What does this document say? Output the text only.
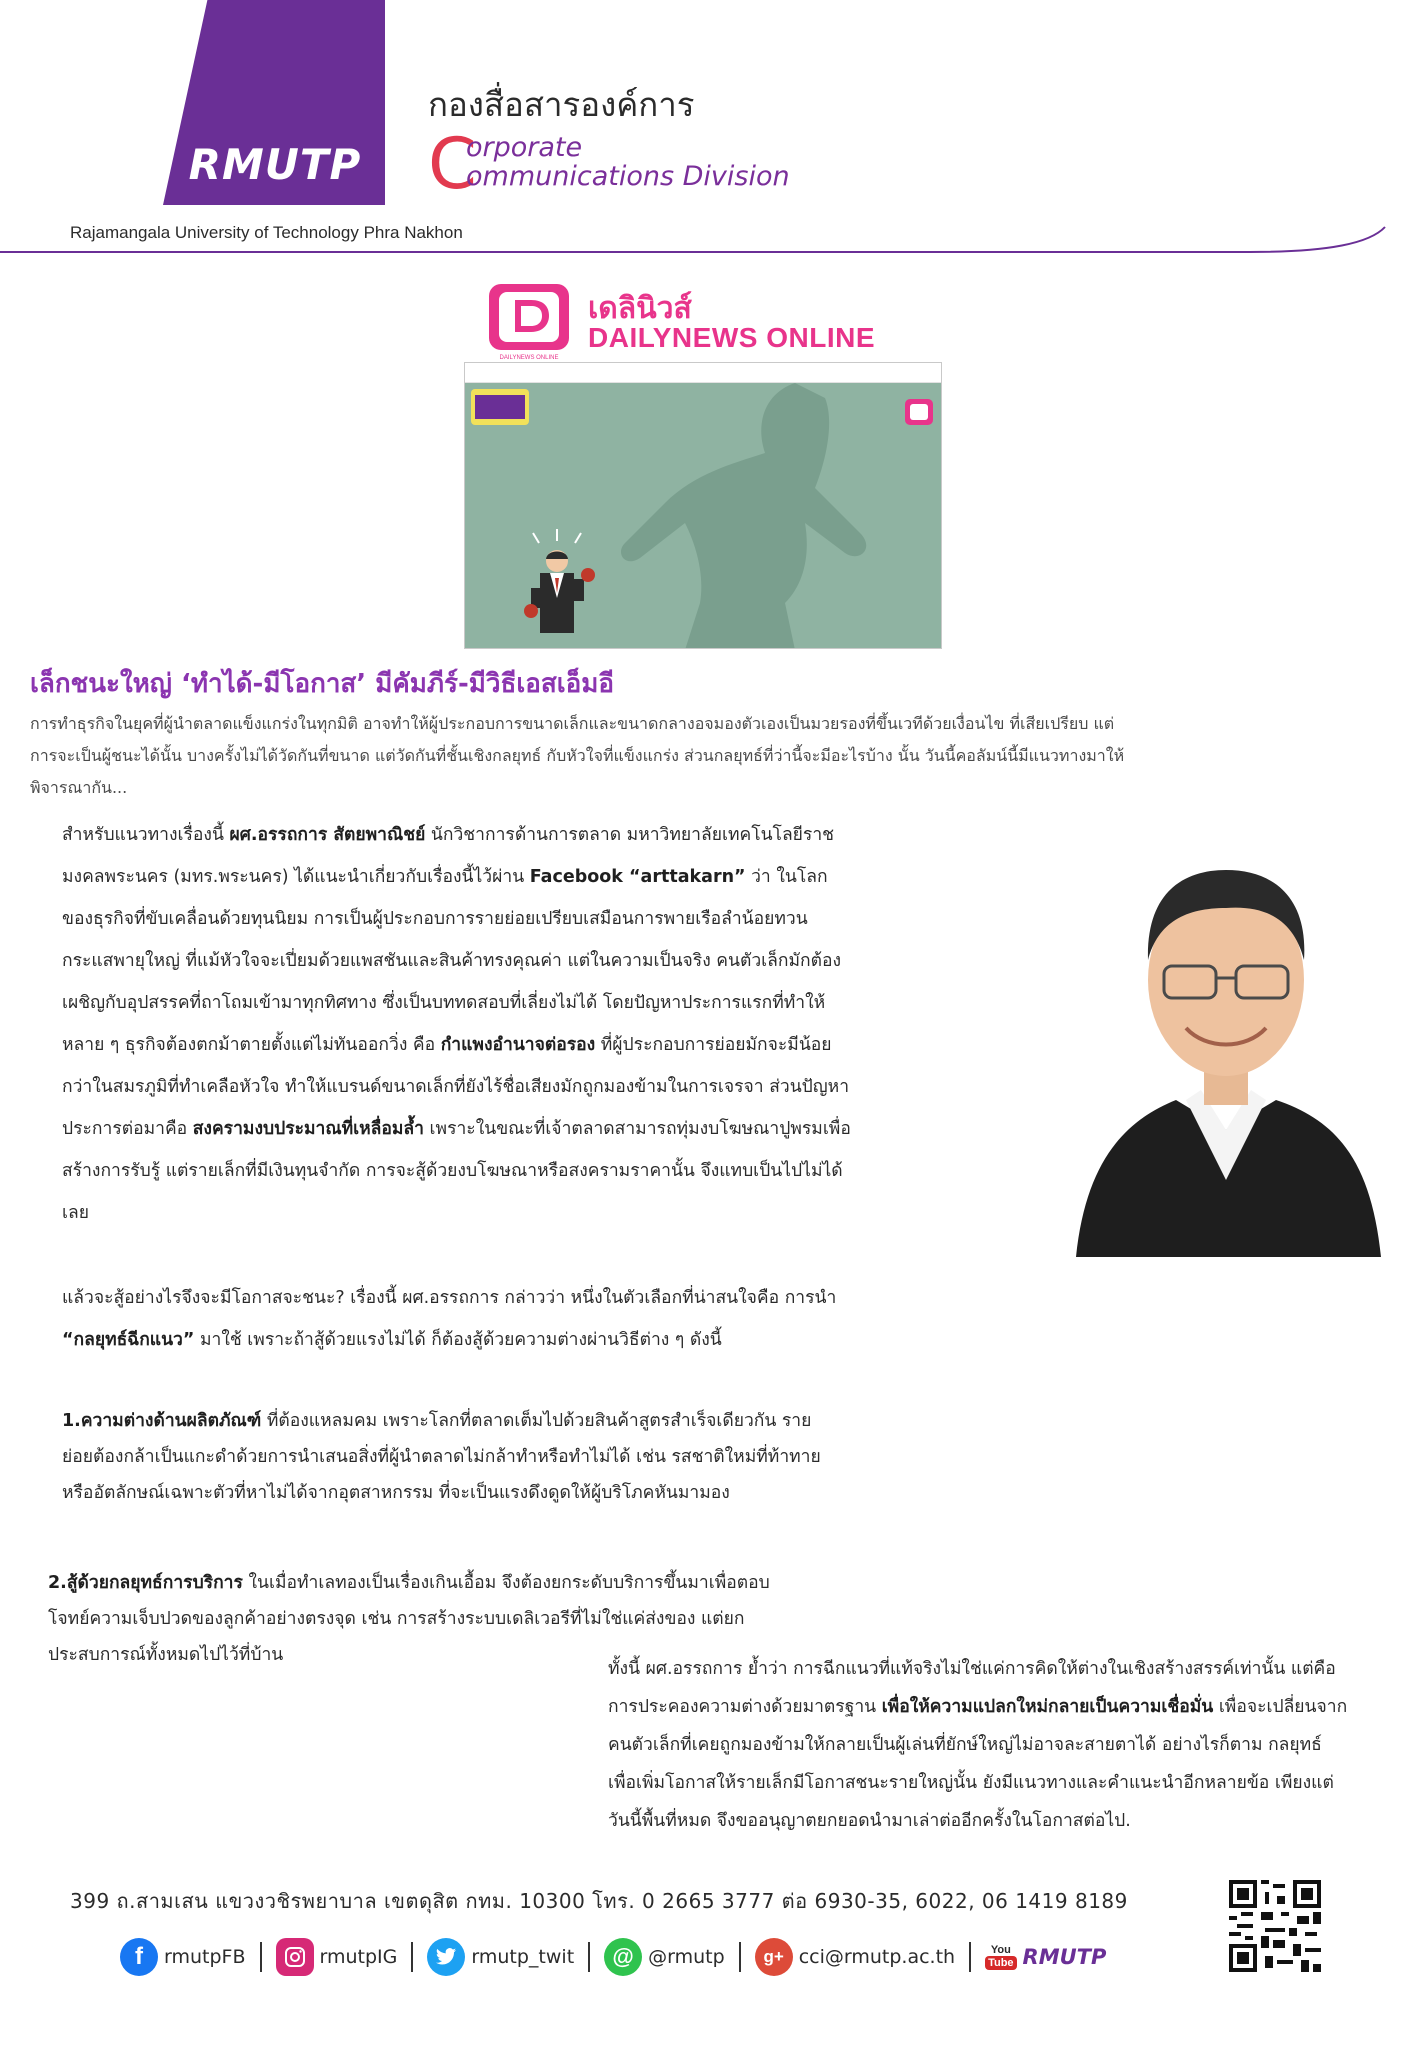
RMUTP
กองสื่อสารองค์การ
C
orporate
ommunications Division
Rajamangala University of Technology Phra Nakhon
DAILYNEWS ONLINE
เดลินิวส์
DAILYNEWS ONLINE
เล็กชนะใหญ่ ‘ทำได้-มีโอกาส’ มีคัมภีร์-มีวิธีเอสเอ็มอี
การทำธุรกิจในยุคที่ผู้นำตลาดแข็งแกร่งในทุกมิติ อาจทำให้ผู้ประกอบการขนาดเล็กและขนาดกลางอจมองตัวเองเป็นมวยรองที่ขึ้นเวทีด้วยเงื่อนไข ที่เสียเปรียบ แต่การจะเป็นผู้ชนะได้นั้น บางครั้งไม่ได้วัดกันที่ขนาด แต่วัดกันที่ชั้นเชิงกลยุทธ์ กับหัวใจที่แข็งแกร่ง ส่วนกลยุทธ์ที่ว่านี้จะมีอะไรบ้าง นั้น วันนี้คอลัมน์นี้มีแนวทางมาให้พิจารณากัน...

สำหรับแนวทางเรื่องนี้ ผศ.อรรถการ สัตยพาณิชย์ นักวิชาการด้านการตลาด มหาวิทยาลัยเทคโนโลยีราชมงคลพระนคร (มทร.พระนคร) ได้แนะนำเกี่ยวกับเรื่องนี้ไว้ผ่าน Facebook “arttakarn” ว่า ในโลกของธุรกิจที่ขับเคลื่อนด้วยทุนนิยม การเป็นผู้ประกอบการรายย่อยเปรียบเสมือนการพายเรือลำน้อยทวนกระแสพายุใหญ่ ที่แม้หัวใจจะเปี่ยมด้วยแพสชันและสินค้าทรงคุณค่า แต่ในความเป็นจริง คนตัวเล็กมักต้องเผชิญกับอุปสรรคที่ถาโถมเข้ามาทุกทิศทาง ซึ่งเป็นบททดสอบที่เลี่ยงไม่ได้ โดยปัญหาประการแรกที่ทำให้หลาย ๆ ธุรกิจต้องตกม้าตายตั้งแต่ไม่ทันออกวิ่ง คือ กำแพงอำนาจต่อรอง ที่ผู้ประกอบการย่อยมักจะมีน้อยกว่าในสมรภูมิที่ทำเคลือหัวใจ ทำให้แบรนด์ขนาดเล็กที่ยังไร้ชื่อเสียงมักถูกมองข้ามในการเจรจา ส่วนปัญหาประการต่อมาคือ สงครามงบประมาณที่เหลื่อมล้ำ เพราะในขณะที่เจ้าตลาดสามารถทุ่มงบโฆษณาปูพรมเพื่อสร้างการรับรู้ แต่รายเล็กที่มีเงินทุนจำกัด การจะสู้ด้วยงบโฆษณาหรือสงครามราคานั้น จึงแทบเป็นไปไม่ได้เลย

แล้วจะสู้อย่างไรจึงจะมีโอกาสจะชนะ? เรื่องนี้ ผศ.อรรถการ กล่าวว่า หนึ่งในตัวเลือกที่น่าสนใจคือ การนำ “กลยุทธ์ฉีกแนว” มาใช้ เพราะถ้าสู้ด้วยแรงไม่ได้ ก็ต้องสู้ด้วยความต่างผ่านวิธีต่าง ๆ ดังนี้
1.ความต่างด้านผลิตภัณฑ์ ที่ต้องแหลมคม เพราะโลกที่ตลาดเต็มไปด้วยสินค้าสูตรสำเร็จเดียวกัน รายย่อยต้องกล้าเป็นแกะดำด้วยการนำเสนอสิ่งที่ผู้นำตลาดไม่กล้าทำหรือทำไม่ได้ เช่น รสชาติใหม่ที่ท้าทาย หรืออัตลักษณ์เฉพาะตัวที่หาไม่ได้จากอุตสาหกรรม ที่จะเป็นแรงดึงดูดให้ผู้บริโภคหันมามอง
2.สู้ด้วยกลยุทธ์การบริการ ในเมื่อทำเลทองเป็นเรื่องเกินเอื้อม จึงต้องยกระดับบริการขึ้นมาเพื่อตอบโจทย์ความเจ็บปวดของลูกค้าอย่างตรงจุด เช่น การสร้างระบบเดลิเวอรีที่ไม่ใช่แค่ส่งของ แต่ยกประสบการณ์ทั้งหมดไปไว้ที่บ้าน
ทั้งนี้ ผศ.อรรถการ ย้ำว่า การฉีกแนวที่แท้จริงไม่ใช่แค่การคิดให้ต่างในเชิงสร้างสรรค์เท่านั้น แต่คือการประคองความต่างด้วยมาตรฐาน เพื่อให้ความแปลกใหม่กลายเป็นความเชื่อมั่น เพื่อจะเปลี่ยนจากคนตัวเล็กที่เคยถูกมองข้ามให้กลายเป็นผู้เล่นที่ยักษ์ใหญ่ไม่อาจละสายตาได้ อย่างไรก็ตาม กลยุทธ์เพื่อเพิ่มโอกาสให้รายเล็กมีโอกาสชนะรายใหญ่นั้น ยังมีแนวทางและคำแนะนำอีกหลายข้อ เพียงแต่วันนี้พื้นที่หมด จึงขออนุญาตยกยอดนำมาเล่าต่ออีกครั้งในโอกาสต่อไป.
399 ถ.สามเสน แขวงวชิรพยาบาล เขตดุสิต กทม. 10300 โทร. 0 2665 3777 ต่อ 6930-35, 6022, 06 1419 8189
f	rmutpFB	rmutpIG	rmutp_twit	@ @rmutp	g+ cci@rmutp.ac.th	You
Tube RMUTP
